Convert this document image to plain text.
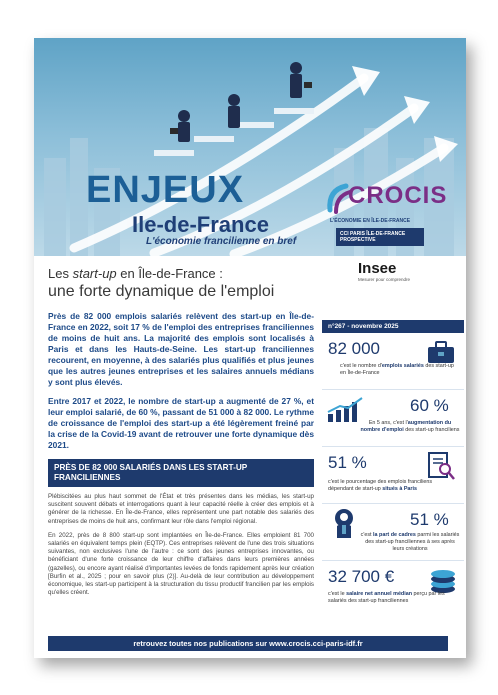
ENJEUX
Ile-de-France
L'économie francilienne en bref
CROCIS
L'ÉCONOMIE EN ÎLE-DE-FRANCE
CCI PARIS ÎLE-DE-FRANCE PROSPECTIVE
Insee
Mesurer pour comprendre
Les start-up en Île-de-France :
une forte dynamique de l'emploi

Près de 82 000 emplois salariés relèvent des start-up en Île-de-France en 2022, soit 17 % de l'emploi des entreprises franciliennes de moins de huit ans. La majorité des emplois sont localisés à Paris et dans les Hauts-de-Seine. Les start-up franciliennes recourent, en moyenne, à des salariés plus qualifiés et plus jeunes que les autres jeunes entreprises et les salaires annuels médians y sont plus élevés.

Entre 2017 et 2022, le nombre de start-up a augmenté de 27 %, et leur emploi salarié, de 60 %, passant de 51 000 à 82 000. Le rythme de croissance de l'emploi des start-up a été légèrement freiné par la crise de la Covid-19 avant de retrouver une forte dynamique dès 2021.

PRÈS DE 82 000 SALARIÉS DANS LES START-UP FRANCILIENNES

Plébiscitées au plus haut sommet de l'État et très présentes dans les médias, les start-up suscitent souvent débats et interrogations quant à leur capacité réelle à créer des emplois et à générer de la richesse. En Île-de-France, elles représentent une part notable des salariés des entreprises de moins de huit ans, confirmant leur rôle dans l'emploi régional.

En 2022, près de 8 800 start-up sont implantées en Île-de-France. Elles emploient 81 700 salariés en équivalent temps plein (EQTP). Ces entreprises relèvent de l'une des trois situations suivantes, non exclusives l'une de l'autre : ce sont des jeunes entreprises innovantes, ou bénéficiant d'une forte croissance de leur chiffre d'affaires dans leurs premières années (gazelles), ou encore ayant réalisé d'importantes levées de fonds rapidement après leur création [Burfin et al., 2025 ; pour en savoir plus (2)]. Au-delà de leur contribution au développement économique, les start-up participent à la structuration du tissu productif francilien par les emplois qu'elles créent.

n°267 - novembre 2025
82 000
c'est le nombre d'emplois salariés des start-up en Île-de-France
60 %
En 5 ans, c'est l'augmentation du nombre d'emploi des start-up franciliens
51 %
c'est le pourcentage des emplois franciliens dépendant de start-up situés à Paris
51 %
c'est la part de cadres parmi les salariés des start-up franciliennes à ses après leurs créations
32 700 €
c'est le salaire net annuel médian perçu par les salariés des start-up franciliennes
retrouvez toutes nos publications sur www.crocis.cci-paris-idf.fr
